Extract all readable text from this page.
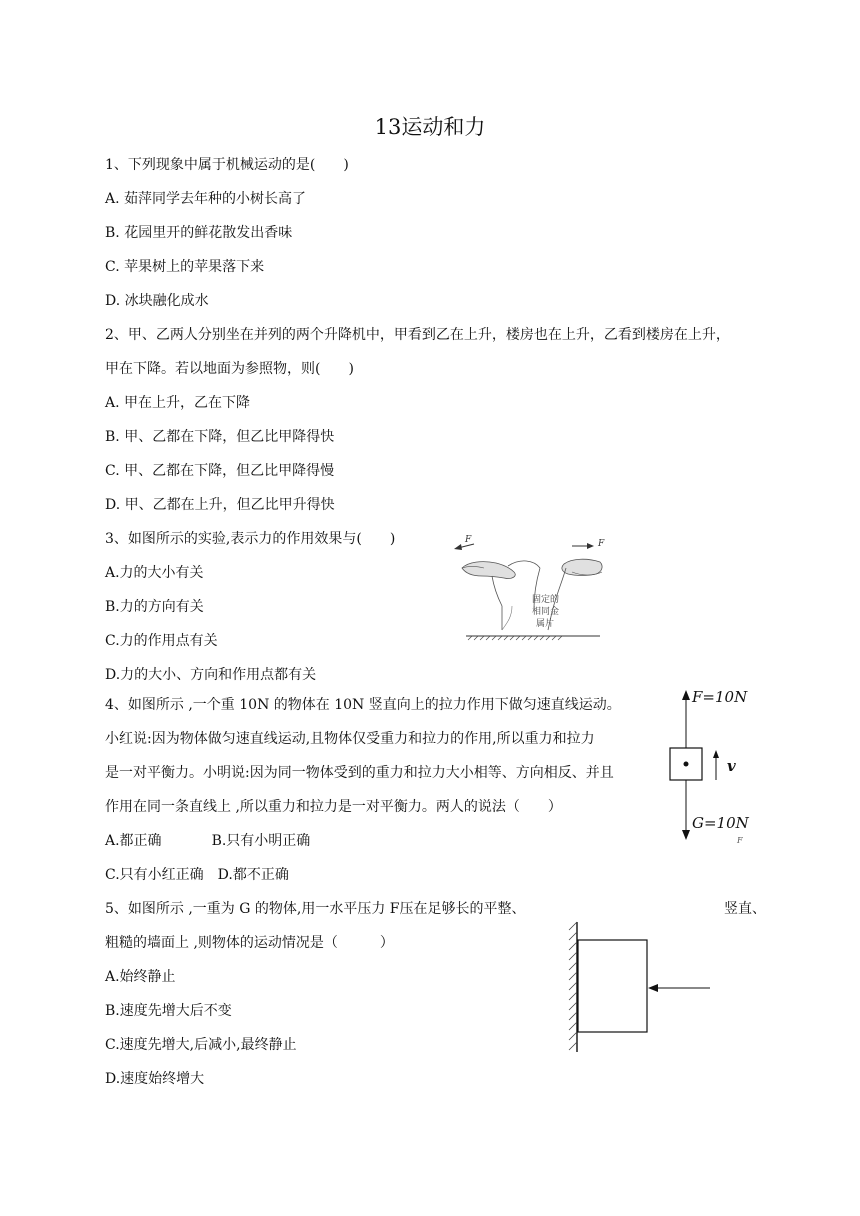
13运动和力
1、下列现象中属于机械运动的是(　　)
A. 茹萍同学去年种的小树长高了
B. 花园里开的鲜花散发出香味
C. 苹果树上的苹果落下来
D. 冰块融化成水
2、甲、乙两人分别坐在并列的两个升降机中，甲看到乙在上升，楼房也在上升，乙看到楼房在上升，
甲在下降。若以地面为参照物，则(　　)
A. 甲在上升，乙在下降
B. 甲、乙都在下降，但乙比甲降得快
C. 甲、乙都在下降，但乙比甲降得慢
D. 甲、乙都在上升，但乙比甲升得快
3、如图所示的实验,表示力的作用效果与(　　)
A.力的大小有关
B.力的方向有关
C.力的作用点有关
D.力的大小、方向和作用点都有关
F	F
固定的
相同金
属片
4、如图所示 ,一个重 10N 的物体在 10N 竖直向上的拉力作用下做匀速直线运动。
小红说:因为物体做匀速直线运动,且物体仅受重力和拉力的作用,所以重力和拉力
是一对平衡力。小明说:因为同一物体受到的重力和拉力大小相等、方向相反、并且
作用在同一条直线上 ,所以重力和拉力是一对平衡力。两人的说法（　　）
A.都正确	B.只有小明正确
C.只有小红正确 D.都不正确
F=10N
G=10N
v
F
5、如图所示 ,一重为 G 的物体,用一水平压力 F压在足够长的平整、	竖直、
粗糙的墙面上 ,则物体的运动情况是（　　　）
A.始终静止
B.速度先增大后不变
C.速度先增大,后减小,最终静止
D.速度始终增大
